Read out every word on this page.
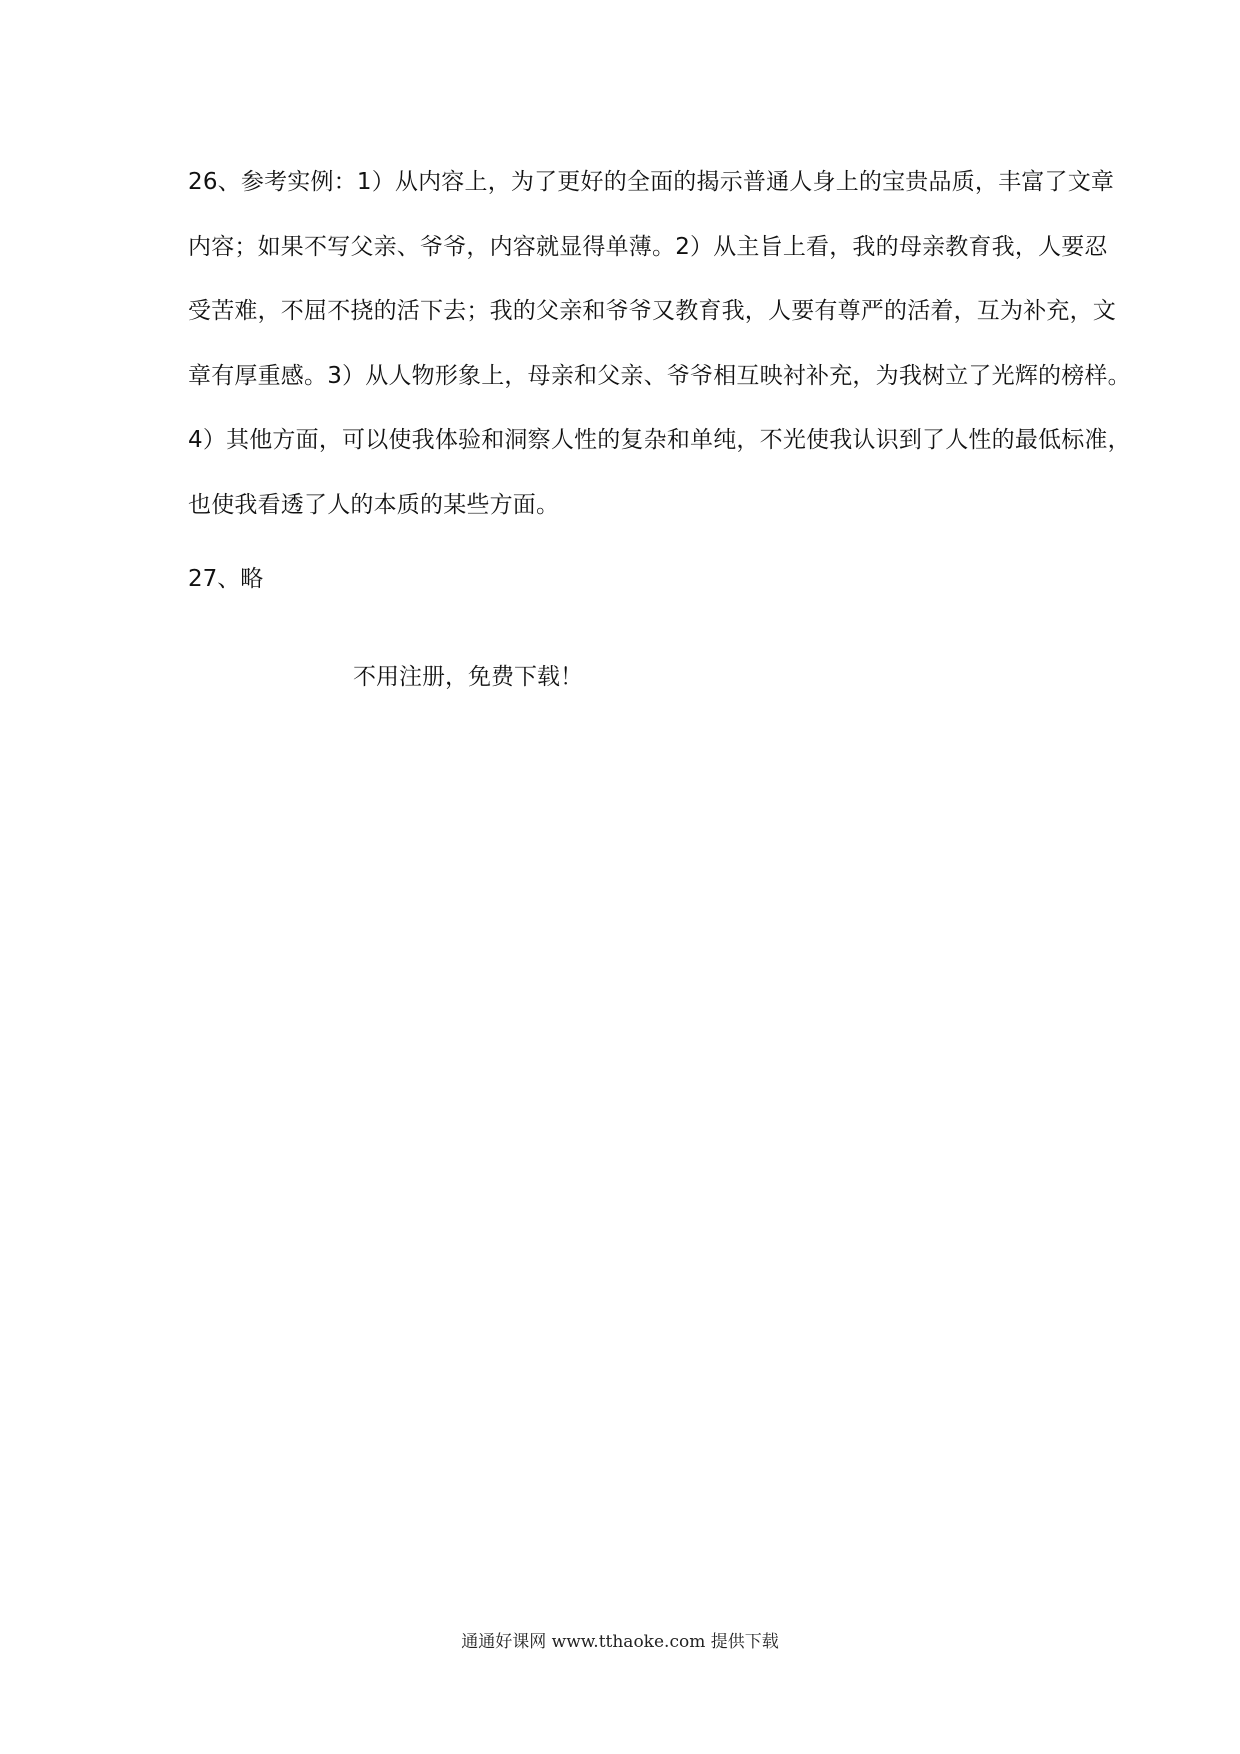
26、参考实例：1）从内容上，为了更好的全面的揭示普通人身上的宝贵品质，丰富了文章
内容；如果不写父亲、爷爷，内容就显得单薄。2）从主旨上看，我的母亲教育我，人要忍
受苦难，不屈不挠的活下去；我的父亲和爷爷又教育我，人要有尊严的活着，互为补充，文
章有厚重感。3）从人物形象上，母亲和父亲、爷爷相互映衬补充，为我树立了光辉的榜样。
4）其他方面，可以使我体验和洞察人性的复杂和单纯，不光使我认识到了人性的最低标准，
也使我看透了人的本质的某些方面。
27、略
不用注册，免费下载！
通通好课网 www.tthaoke.com 提供下载
